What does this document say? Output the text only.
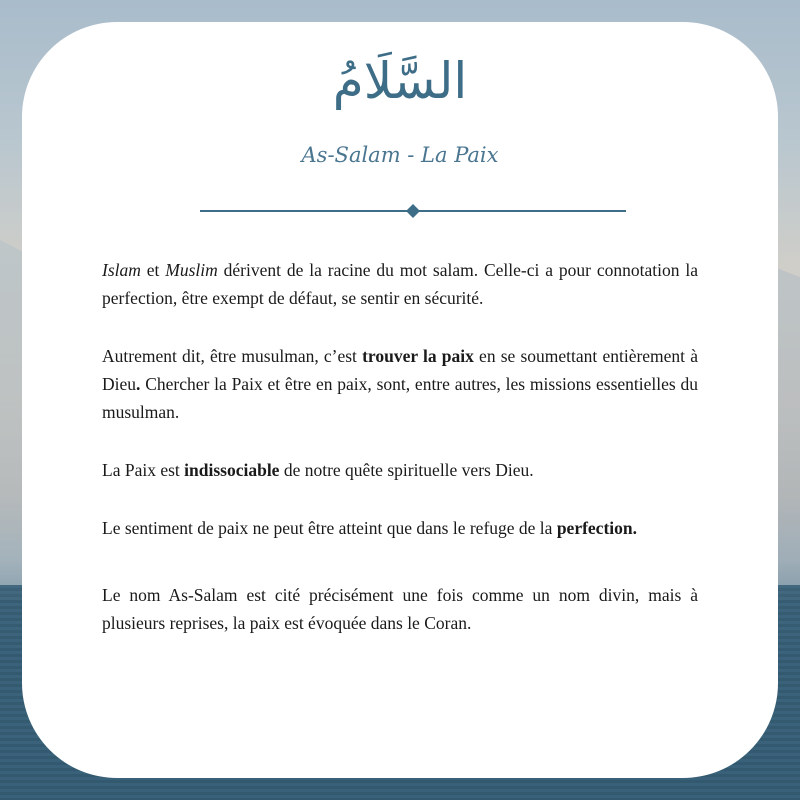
السَّلَامُ
As-Salam - La Paix

Islam et Muslim dérivent de la racine du mot salam. Celle-ci a pour connotation la perfection, être exempt de défaut, se sentir en sécurité.

Autrement dit, être musulman, c’est trouver la paix en se soumettant entièrement à Dieu. Chercher la Paix et être en paix, sont, entre autres, les missions essentielles du musulman.

La Paix est indissociable de notre quête spirituelle vers Dieu.

Le sentiment de paix ne peut être atteint que dans le refuge de la perfection.

Le nom As-Salam est cité précisément une fois comme un nom divin, mais à plusieurs reprises, la paix est évoquée dans le Coran.
